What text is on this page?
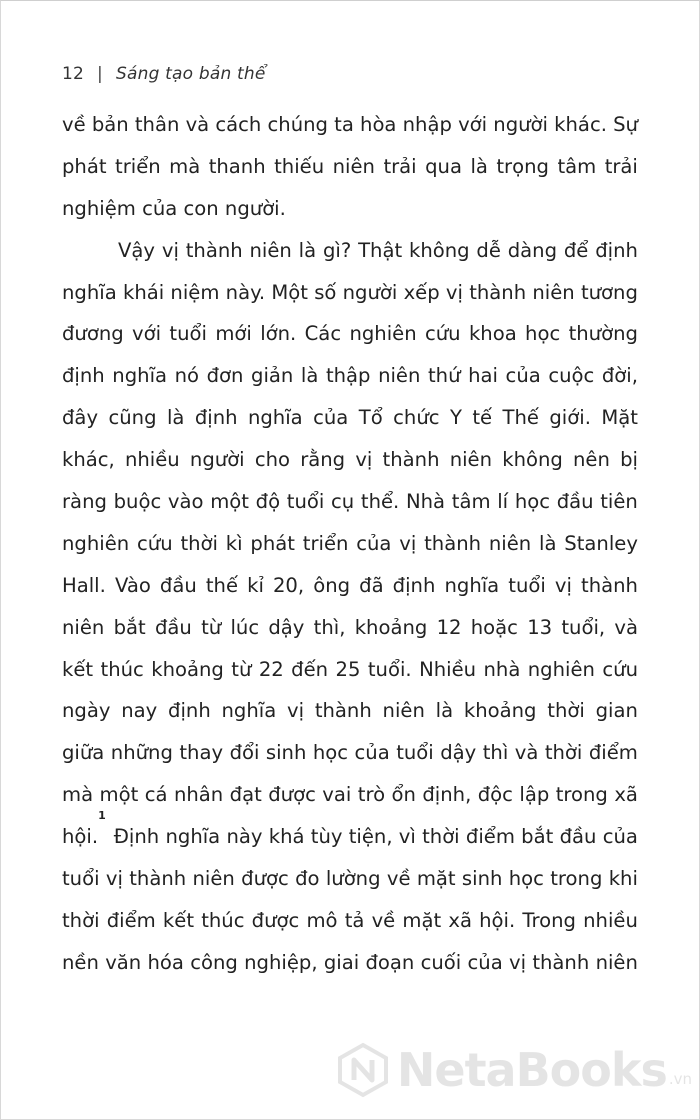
12 | Sáng tạo bản thể
về bản thân và cách chúng ta hòa nhập với người khác. Sự
phát triển mà thanh thiếu niên trải qua là trọng tâm trải
nghiệm của con người.
Vậy vị thành niên là gì? Thật không dễ dàng để định
nghĩa khái niệm này. Một số người xếp vị thành niên tương
đương với tuổi mới lớn. Các nghiên cứu khoa học thường
định nghĩa nó đơn giản là thập niên thứ hai của cuộc đời,
đây cũng là định nghĩa của Tổ chức Y tế Thế giới. Mặt
khác, nhiều người cho rằng vị thành niên không nên bị
ràng buộc vào một độ tuổi cụ thể. Nhà tâm lí học đầu tiên
nghiên cứu thời kì phát triển của vị thành niên là Stanley
Hall. Vào đầu thế kỉ 20, ông đã định nghĩa tuổi vị thành
niên bắt đầu từ lúc dậy thì, khoảng 12 hoặc 13 tuổi, và
kết thúc khoảng từ 22 đến 25 tuổi. Nhiều nhà nghiên cứu
ngày nay định nghĩa vị thành niên là khoảng thời gian
giữa những thay đổi sinh học của tuổi dậy thì và thời điểm
mà một cá nhân đạt được vai trò ổn định, độc lập trong xã
hội.
1
Định nghĩa này khá tùy tiện, vì thời điểm bắt đầu của
tuổi vị thành niên được đo lường về mặt sinh học trong khi
thời điểm kết thúc được mô tả về mặt xã hội. Trong nhiều
nền văn hóa công nghiệp, giai đoạn cuối của vị thành niên
NetaBooks .vn
